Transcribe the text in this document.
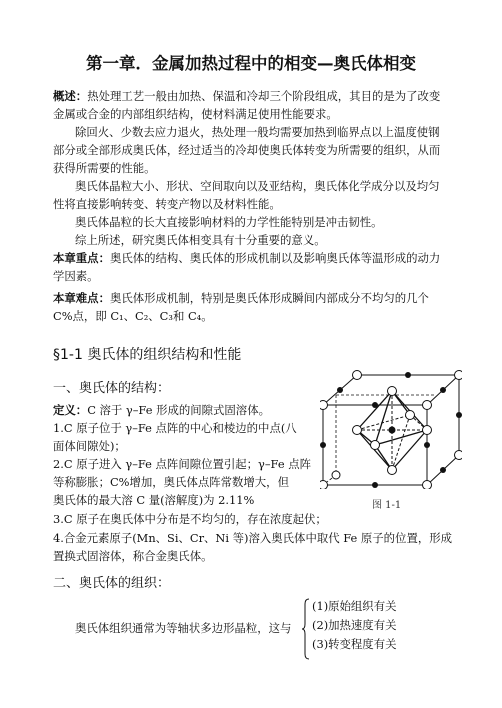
第一章．金属加热过程中的相变—奥氏体相变
概述：热处理工艺一般由加热、保温和冷却三个阶段组成，其目的是为了改变
金属或合金的内部组织结构，使材料满足使用性能要求。
除回火、少数去应力退火，热处理一般均需要加热到临界点以上温度使钢
部分或全部形成奥氏体，经过适当的冷却使奥氏体转变为所需要的组织，从而
获得所需要的性能。
奥氏体晶粒大小、形状、空间取向以及亚结构，奥氏体化学成分以及均匀
性将直接影响转变、转变产物以及材料性能。
奥氏体晶粒的长大直接影响材料的力学性能特别是冲击韧性。
综上所述，研究奥氏体相变具有十分重要的意义。
本章重点：奥氏体的结构、奥氏体的形成机制以及影响奥氏体等温形成的动力
学因素。
本章难点：奥氏体形成机制，特别是奥氏体形成瞬间内部成分不均匀的几个
C%点，即 C₁、C₂、C₃和 C₄。
§1-1 奥氏体的组织结构和性能
一、奥氏体的结构：
定义：C 溶于 γ–Fe 形成的间隙式固溶体。
1.C 原子位于 γ–Fe 点阵的中心和棱边的中点(八
面体间隙处)；
2.C 原子进入 γ–Fe 点阵间隙位置引起；γ–Fe 点阵
等称膨胀；C%增加，奥氏体点阵常数增大，但
奥氏体的最大溶 C 量(溶解度)为 2.11%
3.C 原子在奥氏体中分布是不均匀的，存在浓度起伏；
4.合金元素原子(Mn、Si、Cr、Ni 等)溶入奥氏体中取代 Fe 原子的位置，形成
置换式固溶体，称合金奥氏体。
图 1-1
二、奥氏体的组织：
奥氏体组织通常为等轴状多边形晶粒，这与
(1)原始组织有关
(2)加热速度有关
(3)转变程度有关
